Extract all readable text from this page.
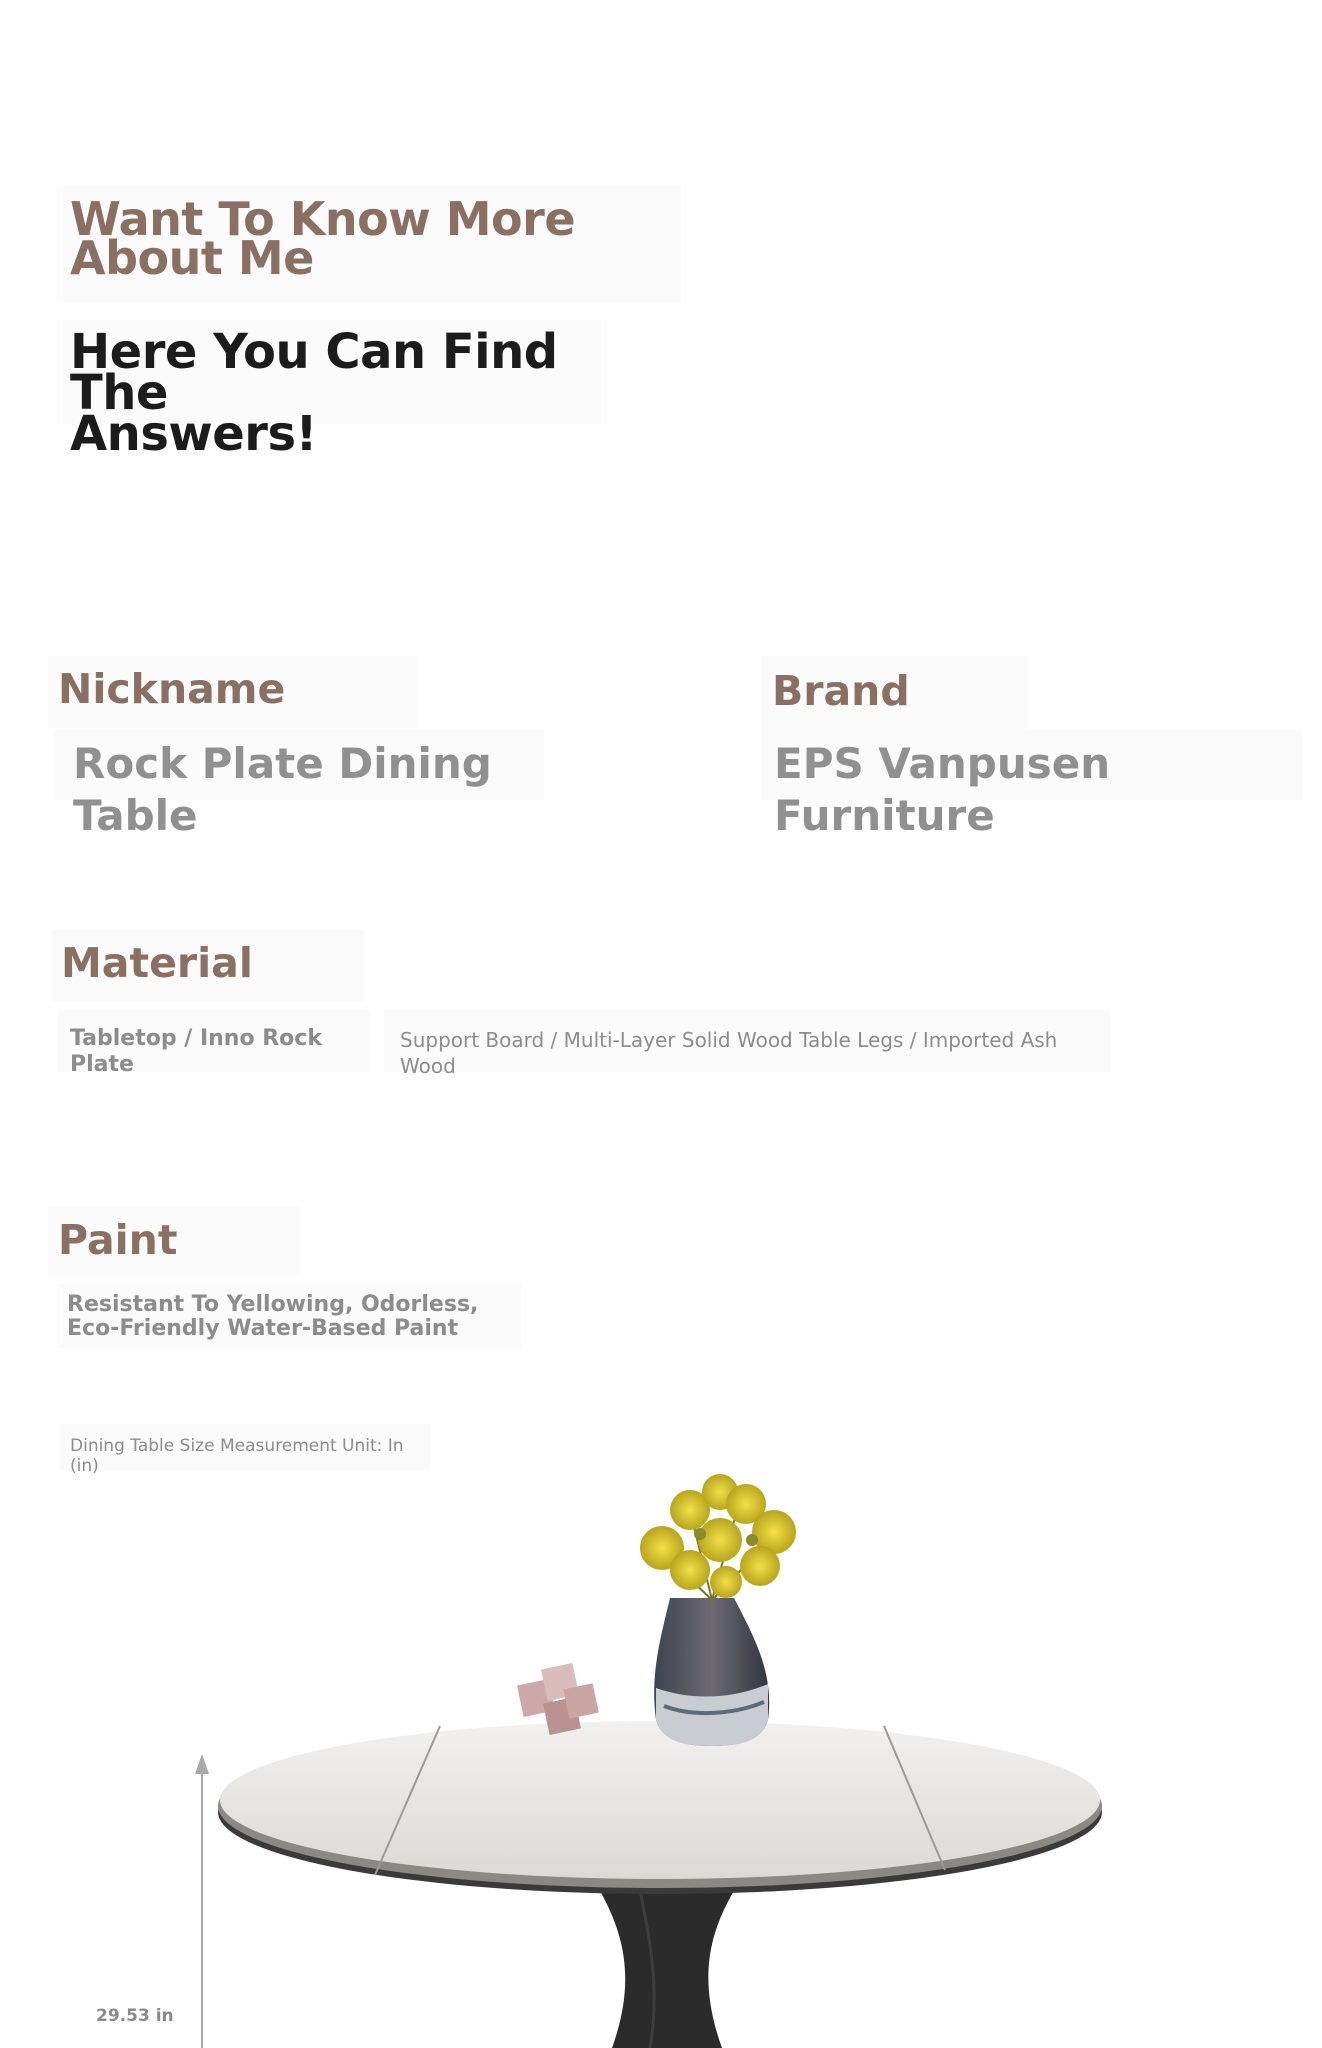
Want To Know More
About Me
Here You Can Find The
Answers!
Nickname
Rock Plate Dining Table
Brand
EPS Vanpusen Furniture
Material
Tabletop / Inno Rock Plate
Support Board / Multi-Layer Solid Wood Table Legs / Imported Ash Wood
Paint
Resistant To Yellowing, Odorless,
Eco-Friendly Water-Based Paint
Dining Table Size Measurement Unit: In (in)
29.53 in
